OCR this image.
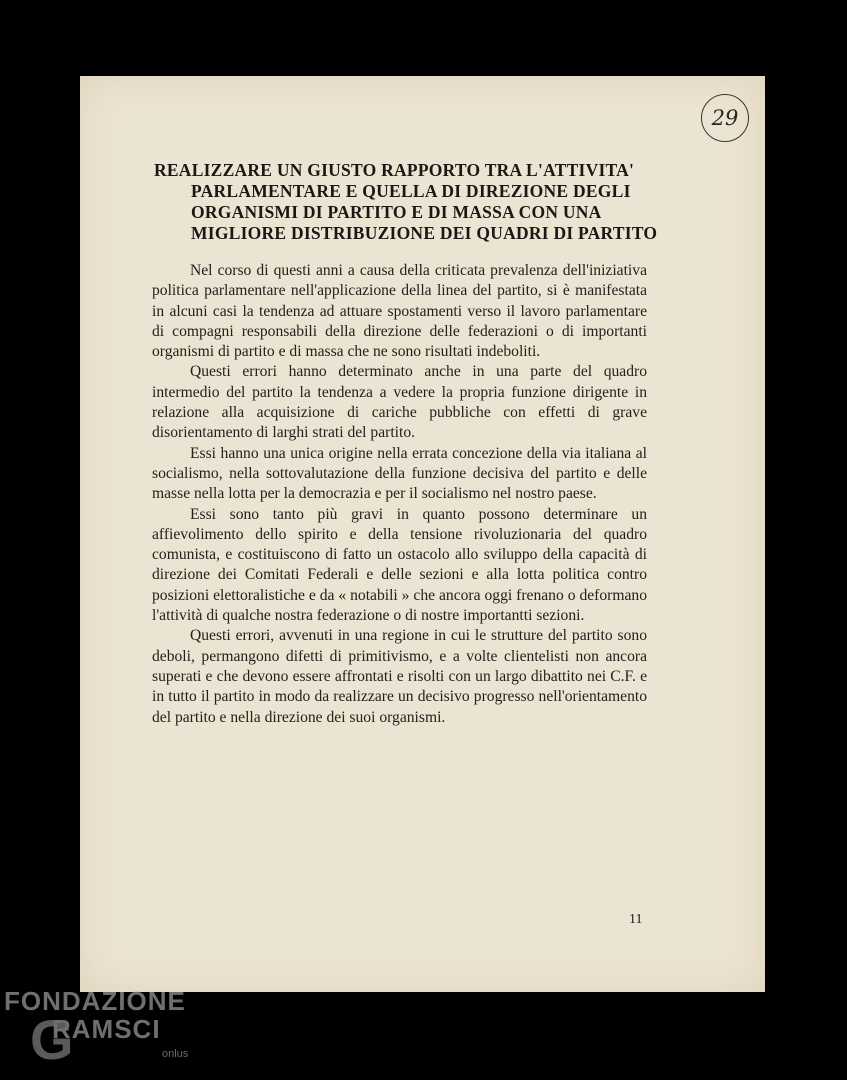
29
REALIZZARE UN GIUSTO RAPPORTO TRA L'ATTIVITA'
PARLAMENTARE E QUELLA DI DIREZIONE DEGLI
ORGANISMI DI PARTITO E DI MASSA CON UNA
MIGLIORE DISTRIBUZIONE DEI QUADRI DI PARTITO

Nel corso di questi anni a causa della criticata prevalenza dell'iniziativa politica parlamentare nell'applicazione della linea del partito, si è manifestata in alcuni casi la tendenza ad attuare spostamenti verso il lavoro parlamentare di compagni responsabili della direzione delle federazioni o di importanti organismi di partito e di massa che ne sono risultati indeboliti.

Questi errori hanno determinato anche in una parte del quadro intermedio del partito la tendenza a vedere la propria funzione dirigente in relazione alla acquisizione di cariche pubbliche con effetti di grave disorientamento di larghi strati del partito.

Essi hanno una unica origine nella errata concezione della via italiana al socialismo, nella sottovalutazione della funzione decisiva del partito e delle masse nella lotta per la democrazia e per il socialismo nel nostro paese.

Essi sono tanto più gravi in quanto possono determinare un affievolimento dello spirito e della tensione rivoluzionaria del quadro comunista, e costituiscono di fatto un ostacolo allo sviluppo della capacità di direzione dei Comitati Federali e delle sezioni e alla lotta politica contro posizioni elettoralistiche e da « notabili » che ancora oggi frenano o deformano l'attività di qualche nostra federazione o di nostre importantti sezioni.

Questi errori, avvenuti in una regione in cui le strutture del partito sono deboli, permangono difetti di primitivismo, e a volte clientelisti non ancora superati e che devono essere affrontati e risolti con un largo dibattito nei C.F. e in tutto il partito in modo da realizzare un decisivo progresso nell'orientamento del partito e nella direzione dei suoi organismi.

11
FONDAZIONE
G
RAMSCI
onlus
